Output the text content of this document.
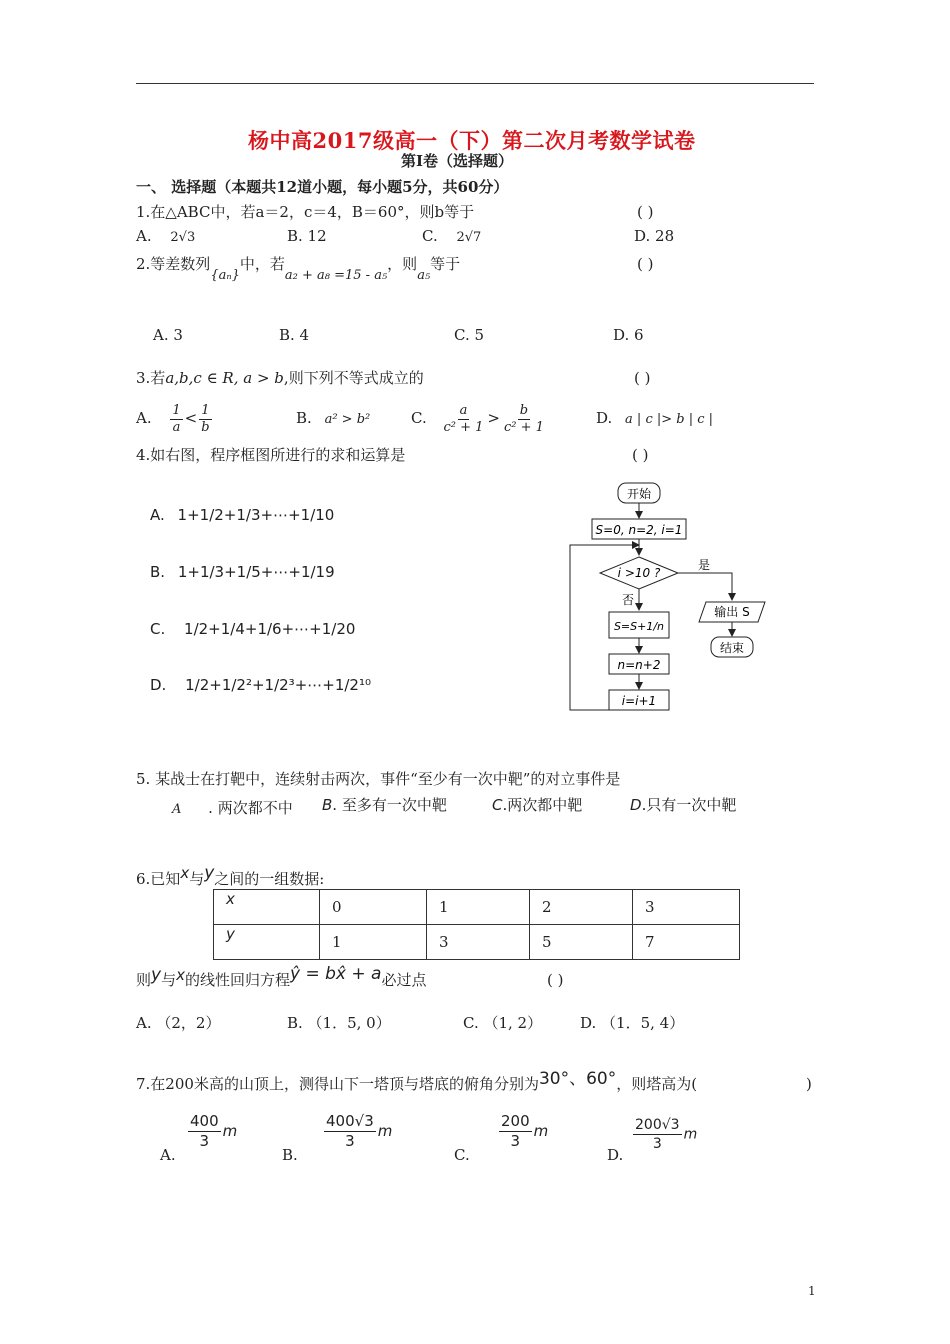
杨中高2017级高一（下）第二次月考数学试卷
第Ⅰ卷（选择题）
一、 选择题（本题共12道小题，每小题5分，共60分）
1.在△ABC中，若a＝2，c＝4，B＝60°，则b等于	( )
A. 2√3	B. 12	C. 2√7	D. 28
2.等差数列{aₙ}中，若a₂ + a₈ =15 - a₅，则a₅等于	( )
A. 3	B. 4	C. 5	D. 6
3.若a,b,c ∈ R, a > b,则下列不等式成立的	( )
A. $\frac{1}{a} < \frac{1}{b}$	B. a² > b²	C. $\frac{a}{\text{c² + 1}} > \frac{b}{\text{c² + 1}}$	D. a | c |> b | c |
4.如右图，程序框图所进行的求和运算是	( )
A. 1+1/2+1/3+⋯+1/10
B. 1+1/3+1/5+⋯+1/19
C. 1/2+1/4+1/6+⋯+1/20
D. 1/2+1/2²+1/2³+⋯+1/2¹⁰
开始
S=0, n=2, i=1
i >10 ?
是
输出 S
结束
否
S=S+1/n
n=n+2
i=i+1
5. 某战士在打靶中，连续射击两次，事件“至少有一次中靶”的对立事件是
A . 两次都不中 B. 至多有一次中靶	C.两次都中靶	D.只有一次中靶
6.已知x与y之间的一组数据:
x	0	1	2	3
y	1	3	5	7
则y与x的线性回归方程ŷ = bx̂ + a必过点	( )
A. （2，2）	B. （1．5, 0）	C. （1, 2）	D. （1．5, 4）
7.在200米高的山顶上，测得山下一塔顶与塔底的俯角分别为30°、60°，则塔高为(	)
A.
$\frac{400}{3}$ m
B.
$\frac{400√3}{3}$ m
C.
$\frac{200}{3}$ m
D.
$\frac{200√3}{3}$ m
1
